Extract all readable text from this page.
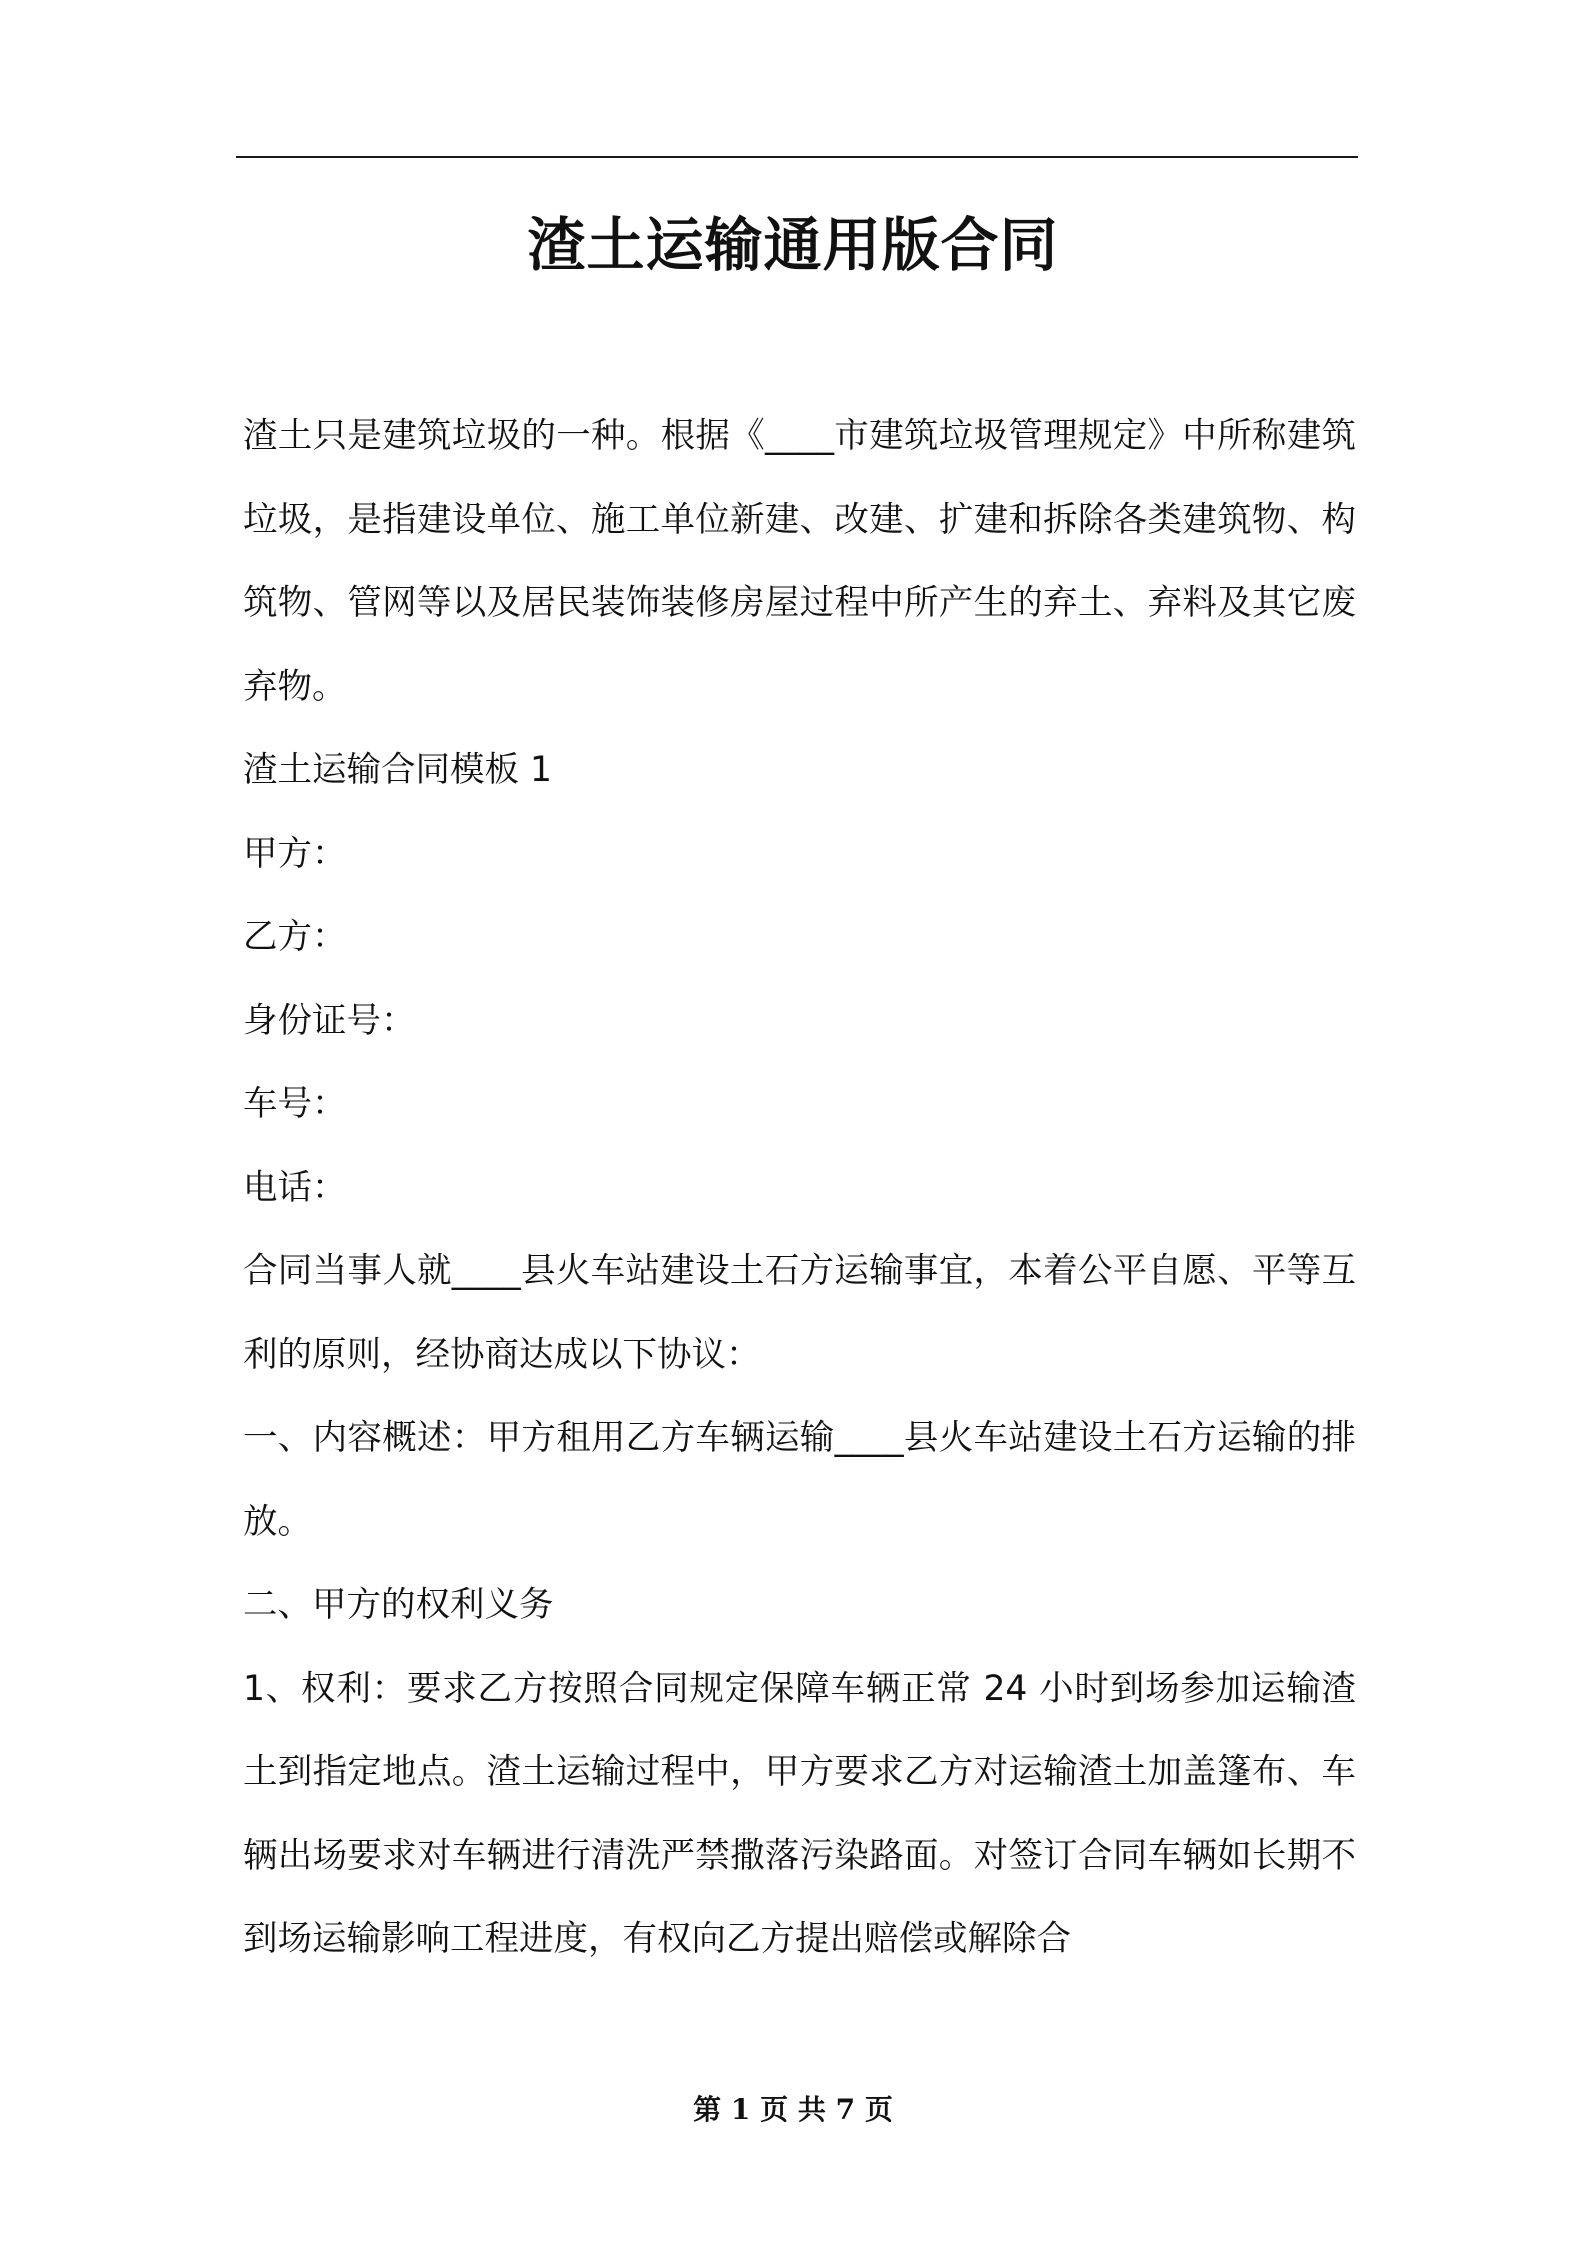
渣土运输通用版合同

渣土只是建筑垃圾的一种。根据《____市建筑垃圾管理规定》中所称建筑垃圾，是指建设单位、施工单位新建、改建、扩建和拆除各类建筑物、构筑物、管网等以及居民装饰装修房屋过程中所产生的弃土、弃料及其它废弃物。

渣土运输合同模板 1

甲方：

乙方：

身份证号：

车号：

电话：

合同当事人就____县火车站建设土石方运输事宜，本着公平自愿、平等互利的原则，经协商达成以下协议：

一、内容概述：甲方租用乙方车辆运输____县火车站建设土石方运输的排放。

二、甲方的权利义务

1、权利：要求乙方按照合同规定保障车辆正常 24 小时到场参加运输渣土到指定地点。渣土运输过程中，甲方要求乙方对运输渣土加盖篷布、车辆出场要求对车辆进行清洗严禁撒落污染路面。对签订合同车辆如长期不到场运输影响工程进度，有权向乙方提出赔偿或解除合

第 1 页 共 7 页
